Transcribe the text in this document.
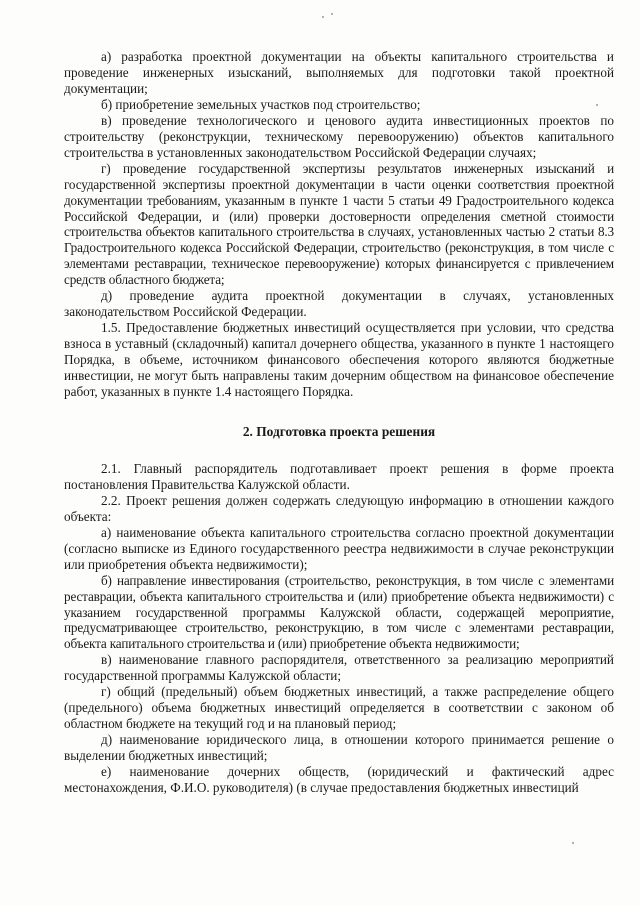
а) разработка проектной документации на объекты капитального строительства и проведение инженерных изысканий, выполняемых для подготовки такой проектной документации;

б) приобретение земельных участков под строительство;

в) проведение технологического и ценового аудита инвестиционных проектов по строительству (реконструкции, техническому перевооружению) объектов капитального строительства в установленных законодательством Российской Федерации случаях;

г) проведение государственной экспертизы результатов инженерных изысканий и государственной экспертизы проектной документации в части оценки соответствия проектной документации требованиям, указанным в пункте 1 части 5 статьи 49 Градостроительного кодекса Российской Федерации, и (или) проверки достоверности определения сметной стоимости строительства объектов капитального строительства в случаях, установленных частью 2 статьи 8.3 Градостроительного кодекса Российской Федерации, строительство (реконструкция, в том числе с элементами реставрации, техническое перевооружение) которых финансируется с привлечением средств областного бюджета;

д) проведение аудита проектной документации в случаях, установленных законодательством Российской Федерации.

1.5. Предоставление бюджетных инвестиций осуществляется при условии, что средства взноса в уставный (складочный) капитал дочернего общества, указанного в пункте 1 настоящего Порядка, в объеме, источником финансового обеспечения которого являются бюджетные инвестиции, не могут быть направлены таким дочерним обществом на финансовое обеспечение работ, указанных в пункте 1.4 настоящего Порядка.

2. Подготовка проекта решения

2.1. Главный распорядитель подготавливает проект решения в форме проекта постановления Правительства Калужской области.

2.2. Проект решения должен содержать следующую информацию в отношении каждого объекта:

а) наименование объекта капитального строительства согласно проектной документации (согласно выписке из Единого государственного реестра недвижимости в случае реконструкции или приобретения объекта недвижимости);

б) направление инвестирования (строительство, реконструкция, в том числе с элементами реставрации, объекта капитального строительства и (или) приобретение объекта недвижимости) с указанием государственной программы Калужской области, содержащей мероприятие, предусматривающее строительство, реконструкцию, в том числе с элементами реставрации, объекта капитального строительства и (или) приобретение объекта недвижимости;

в) наименование главного распорядителя, ответственного за реализацию мероприятий государственной программы Калужской области;

г) общий (предельный) объем бюджетных инвестиций, а также распределение общего (предельного) объема бюджетных инвестиций определяется в соответствии с законом об областном бюджете на текущий год и на плановый период;

д) наименование юридического лица, в отношении которого принимается решение о выделении бюджетных инвестиций;

е) наименование дочерних обществ, (юридический и фактический адрес местонахождения, Ф.И.О. руководителя) (в случае предоставления бюджетных инвестиций
